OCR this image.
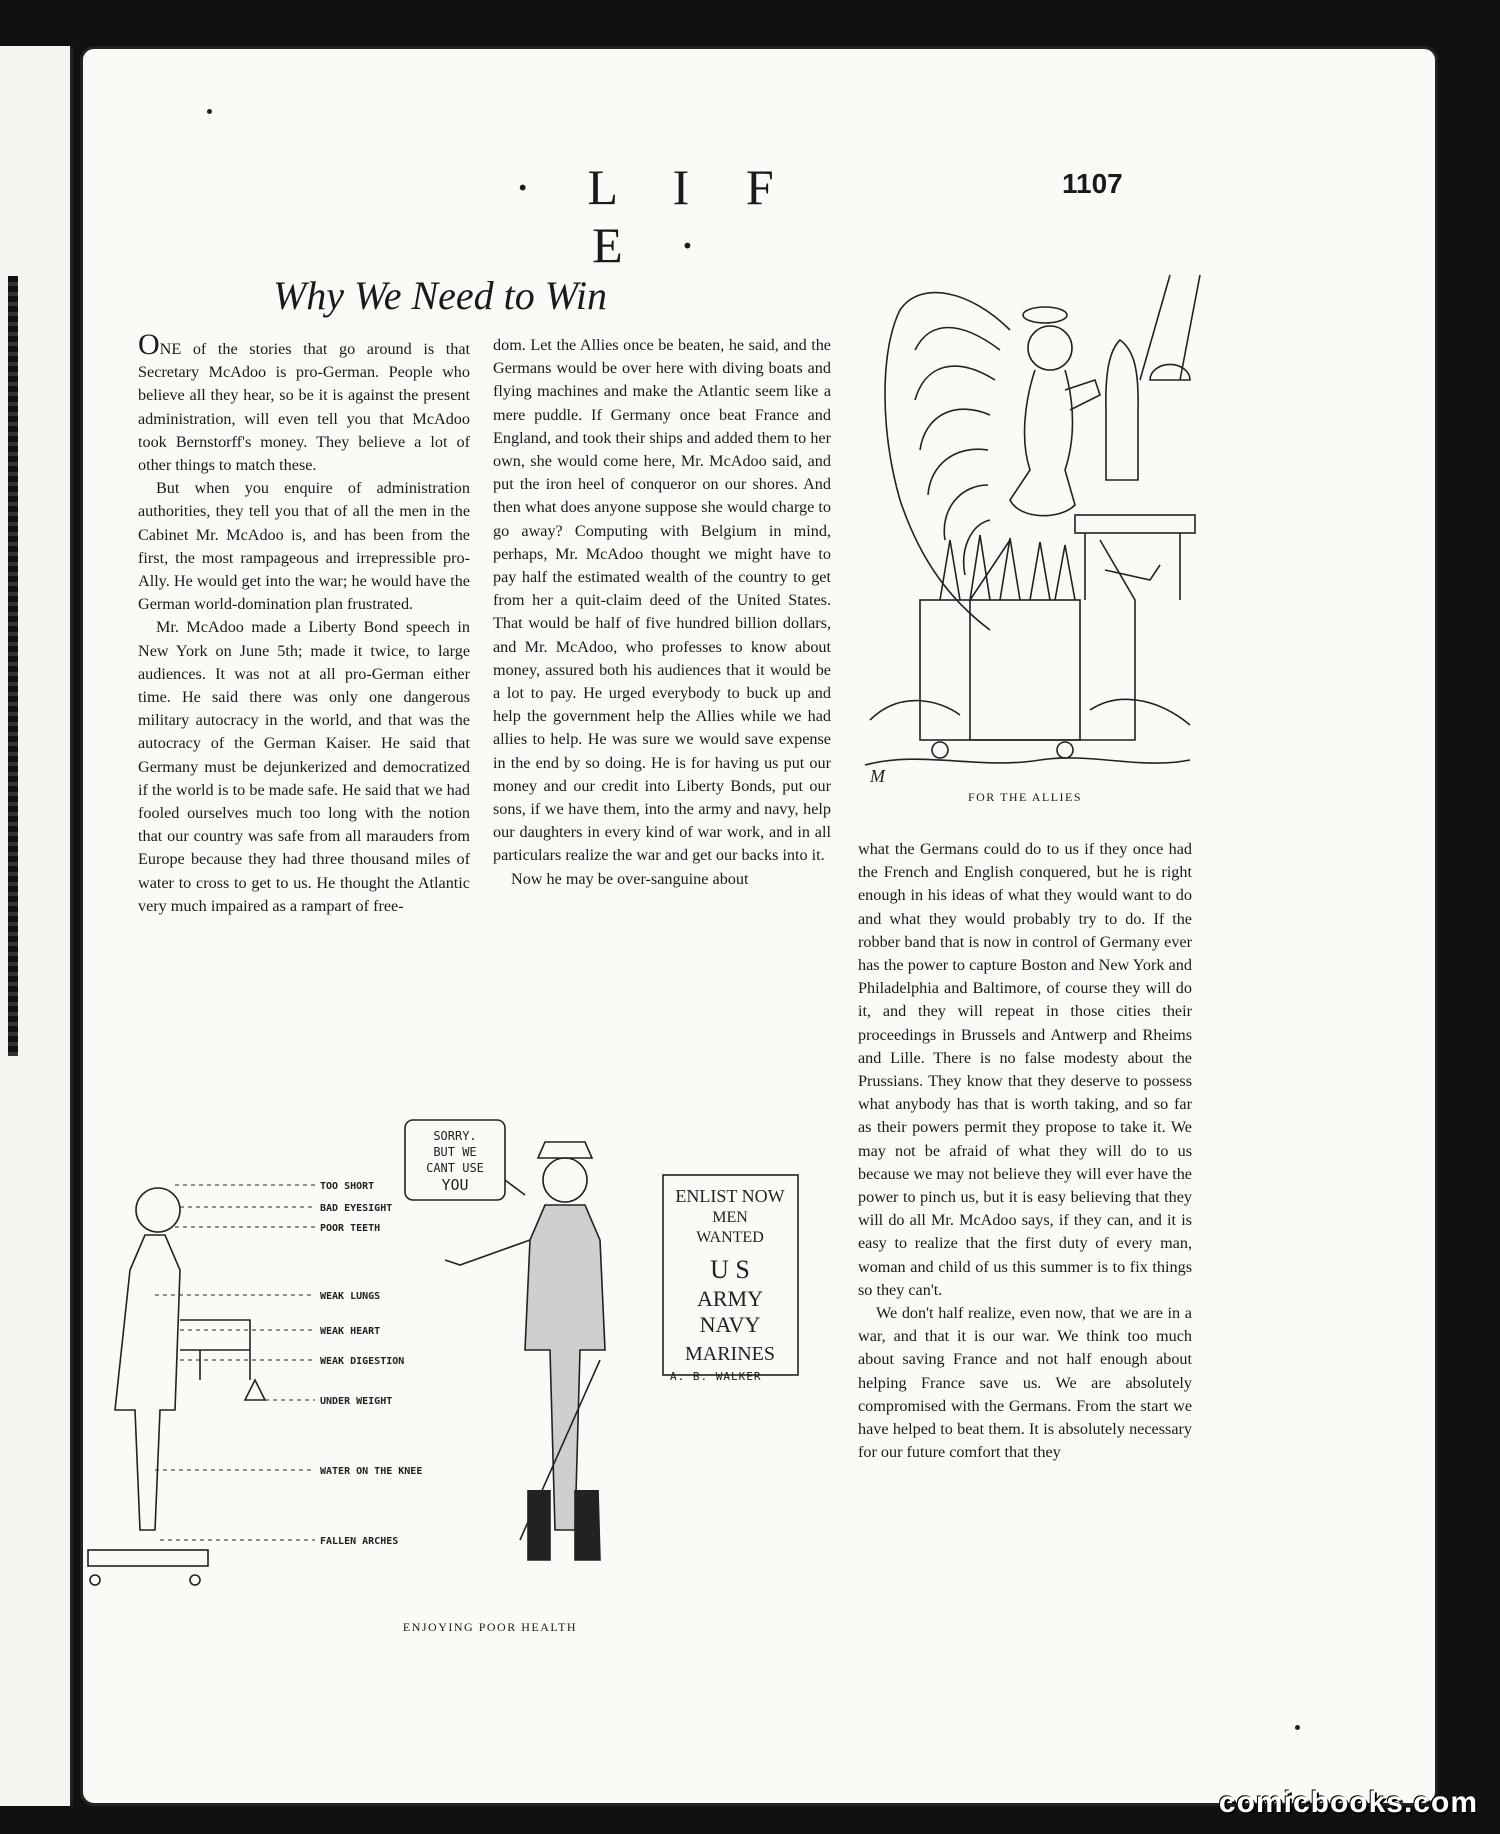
· L I F E ·
1107
Why We Need to Win

ONE of the stories that go around is that Secretary McAdoo is pro-German. People who believe all they hear, so be it is against the present administration, will even tell you that McAdoo took Bernstorff's money. They believe a lot of other things to match these.

But when you enquire of administration authorities, they tell you that of all the men in the Cabinet Mr. McAdoo is, and has been from the first, the most rampageous and irrepressible pro-Ally. He would get into the war; he would have the German world-domination plan frustrated.

Mr. McAdoo made a Liberty Bond speech in New York on June 5th; made it twice, to large audiences. It was not at all pro-German either time. He said there was only one dangerous military autocracy in the world, and that was the autocracy of the German Kaiser. He said that Germany must be dejunkerized and democratized if the world is to be made safe. He said that we had fooled ourselves much too long with the notion that our country was safe from all marauders from Europe because they had three thousand miles of water to cross to get to us. He thought the Atlantic very much impaired as a rampart of free-

dom. Let the Allies once be beaten, he said, and the Germans would be over here with diving boats and flying machines and make the Atlantic seem like a mere puddle. If Germany once beat France and England, and took their ships and added them to her own, she would come here, Mr. McAdoo said, and put the iron heel of conqueror on our shores. And then what does anyone suppose she would charge to go away? Computing with Belgium in mind, perhaps, Mr. McAdoo thought we might have to pay half the estimated wealth of the country to get from her a quit-claim deed of the United States. That would be half of five hundred billion dollars, and Mr. McAdoo, who professes to know about money, assured both his audiences that it would be a lot to pay. He urged everybody to buck up and help the government help the Allies while we had allies to help. He was sure we would save expense in the end by so doing. He is for having us put our money and our credit into Liberty Bonds, put our sons, if we have them, into the army and navy, help our daughters in every kind of war work, and in all particulars realize the war and get our backs into it.

Now he may be over-sanguine about

what the Germans could do to us if they once had the French and English conquered, but he is right enough in his ideas of what they would want to do and what they would probably try to do. If the robber band that is now in control of Germany ever has the power to capture Boston and New York and Philadelphia and Baltimore, of course they will do it, and they will repeat in those cities their proceedings in Brussels and Antwerp and Rheims and Lille. There is no false modesty about the Prussians. They know that they deserve to possess what anybody has that is worth taking, and so far as their powers permit they propose to take it. We may not be afraid of what they will do to us because we may not believe they will ever have the power to pinch us, but it is easy believing that they will do all Mr. McAdoo says, if they can, and it is easy to realize that the first duty of every man, woman and child of us this summer is to fix things so they can't.

We don't half realize, even now, that we are in a war, and that it is our war. We think too much about saving France and not half enough about helping France save us. We are absolutely compromised with the Germans. From the start we have helped to beat them. It is absolutely necessary for our future comfort that they

M
FOR THE ALLIES
TOO SHORT
BAD EYESIGHT
POOR TEETH
WEAK LUNGS
WEAK HEART
WEAK DIGESTION
UNDER WEIGHT
WATER ON THE KNEE
FALLEN ARCHES
SORRY.
BUT WE
CANT USE
YOU
ENLIST NOW
MEN
WANTED
U S
ARMY
NAVY
MARINES
A. B. WALKER
ENJOYING POOR HEALTH
comicbooks.com
